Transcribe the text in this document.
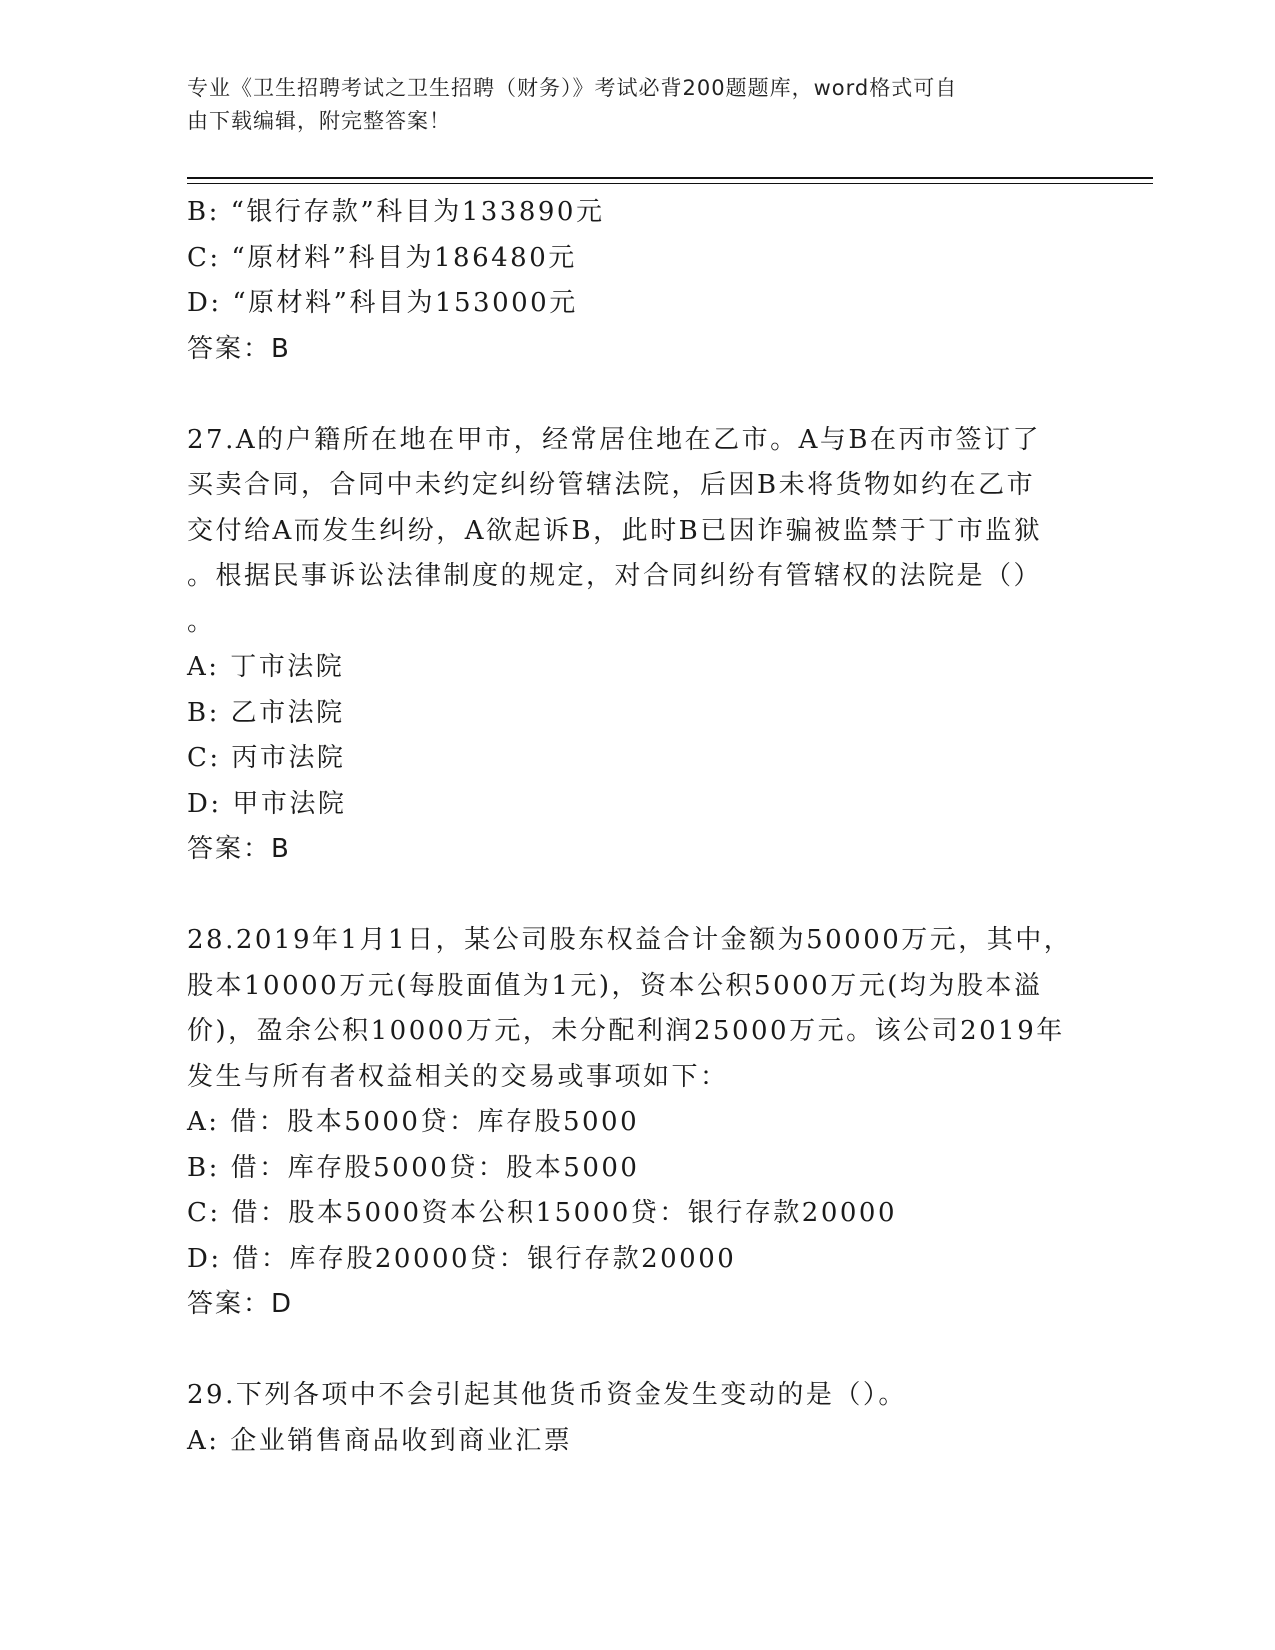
专业《卫生招聘考试之卫生招聘（财务）》考试必背200题题库，word格式可自
由下载编辑，附完整答案！
B: “银行存款”科目为133890元
C: “原材料”科目为186480元
D: “原材料”科目为153000元
答案：B
27.A的户籍所在地在甲市，经常居住地在乙市。A与B在丙市签订了
买卖合同，合同中未约定纠纷管辖法院，后因B未将货物如约在乙市
交付给A而发生纠纷，A欲起诉B，此时B已因诈骗被监禁于丁市监狱
。根据民事诉讼法律制度的规定，对合同纠纷有管辖权的法院是（）
。
A: 丁市法院
B: 乙市法院
C: 丙市法院
D: 甲市法院
答案：B
28.2019年1月1日，某公司股东权益合计金额为50000万元，其中，
股本10000万元(每股面值为1元)，资本公积5000万元(均为股本溢
价)，盈余公积10000万元，未分配利润25000万元。该公司2019年
发生与所有者权益相关的交易或事项如下：
A: 借：股本5000贷：库存股5000
B: 借：库存股5000贷：股本5000
C: 借：股本5000资本公积15000贷：银行存款20000
D: 借：库存股20000贷：银行存款20000
答案：D
29.下列各项中不会引起其他货币资金发生变动的是（）。
A: 企业销售商品收到商业汇票
